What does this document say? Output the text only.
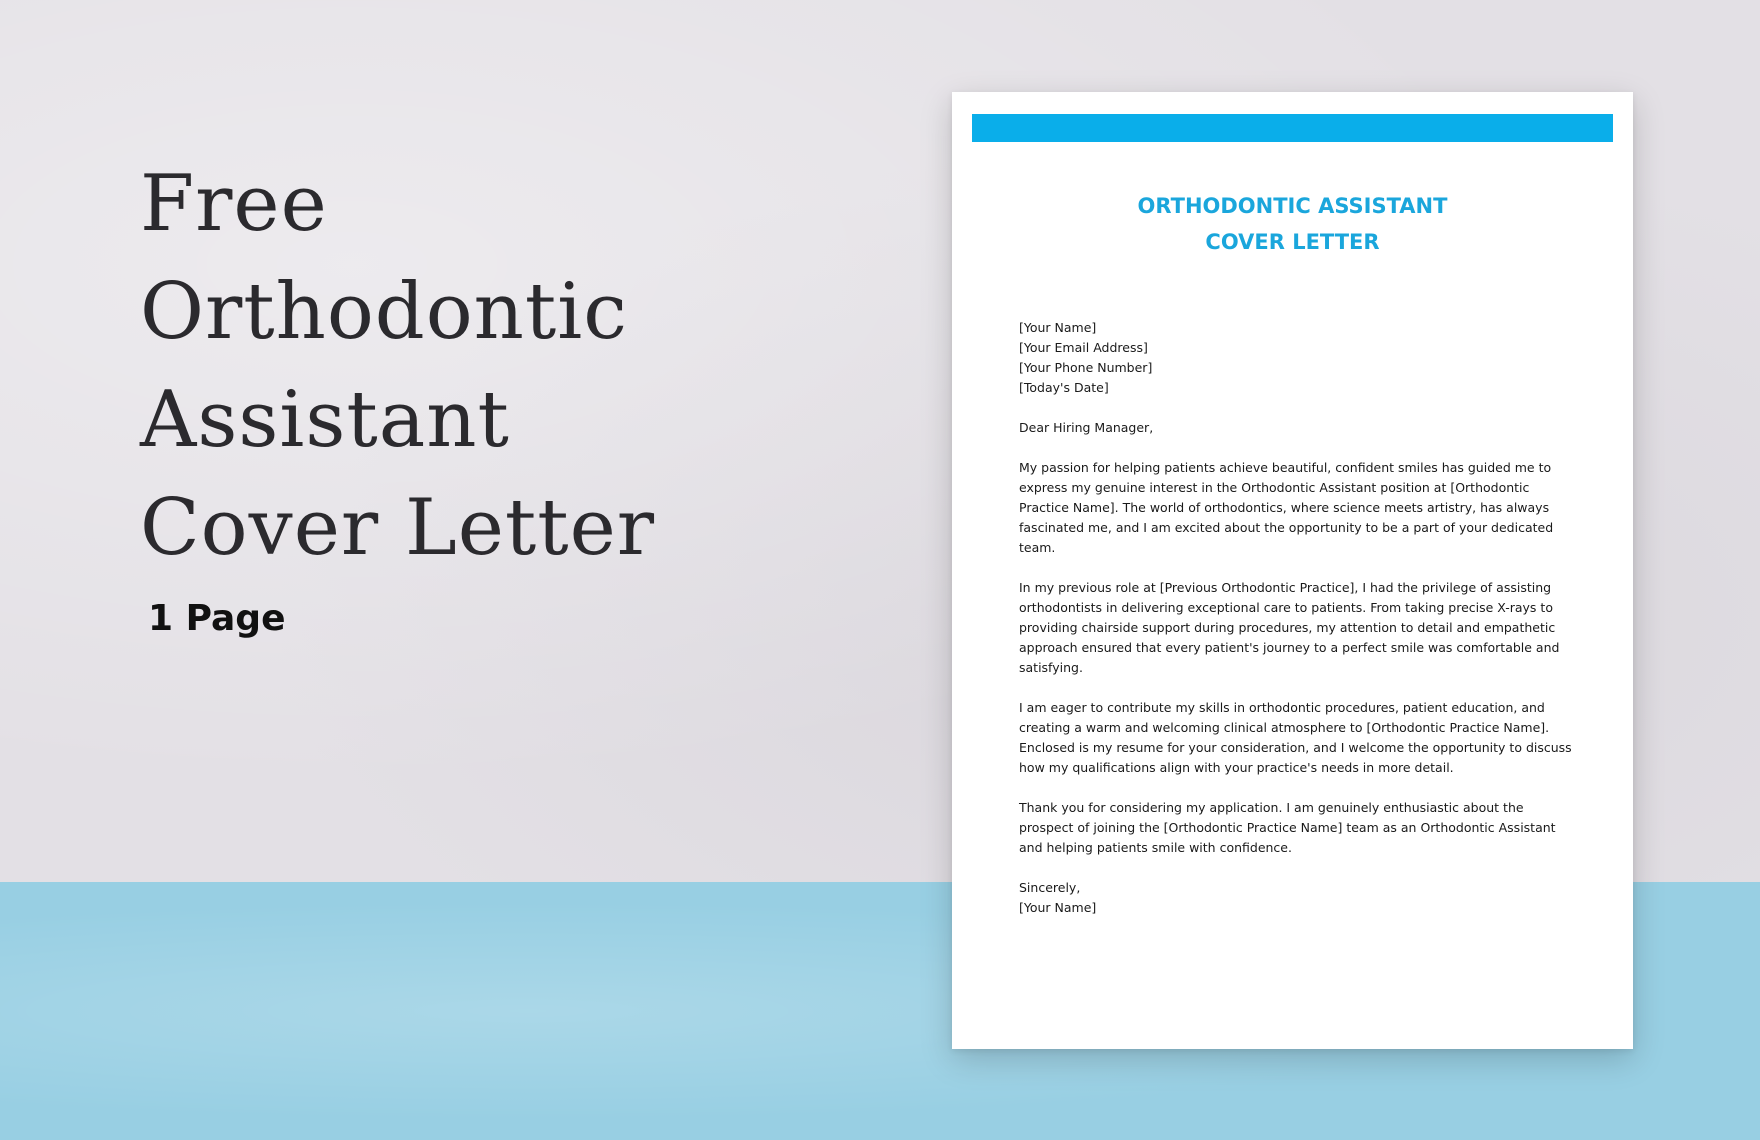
Free
Orthodontic
Assistant
Cover Letter
1 Page
ORTHODONTIC ASSISTANT
COVER LETTER

[Your Name]
[Your Email Address]
[Your Phone Number]
[Today's Date]

Dear Hiring Manager,

My passion for helping patients achieve beautiful, confident smiles has guided me to express my genuine interest in the Orthodontic Assistant position at [Orthodontic Practice Name]. The world of orthodontics, where science meets artistry, has always fascinated me, and I am excited about the opportunity to be a part of your dedicated team.

In my previous role at [Previous Orthodontic Practice], I had the privilege of assisting orthodontists in delivering exceptional care to patients. From taking precise X-rays to providing chairside support during procedures, my attention to detail and empathetic approach ensured that every patient's journey to a perfect smile was comfortable and satisfying.

I am eager to contribute my skills in orthodontic procedures, patient education, and creating a warm and welcoming clinical atmosphere to [Orthodontic Practice Name]. Enclosed is my resume for your consideration, and I welcome the opportunity to discuss how my qualifications align with your practice's needs in more detail.

Thank you for considering my application. I am genuinely enthusiastic about the prospect of joining the [Orthodontic Practice Name] team as an Orthodontic Assistant and helping patients smile with confidence.

Sincerely,
[Your Name]
